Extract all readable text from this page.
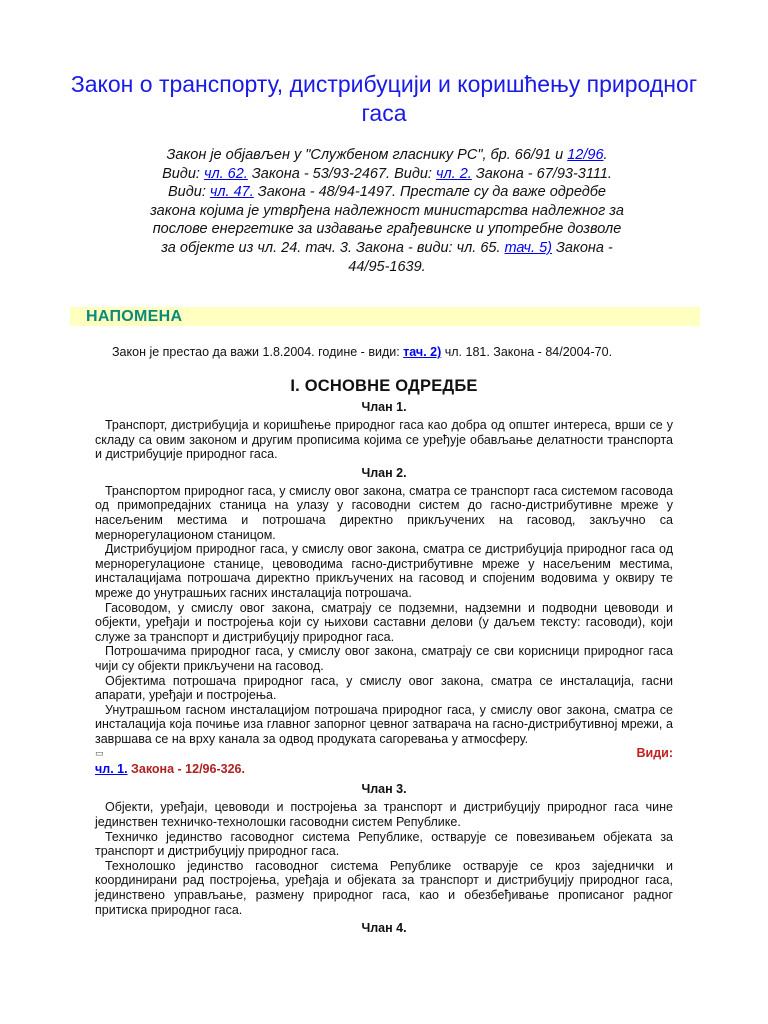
Закон о транспорту, дистрибуцији и коришћењу природног гаса
Закон је објављен у "Службеном гласнику РС", бр. 66/91 и 12/96. Види: чл. 62. Закона - 53/93-2467. Види: чл. 2. Закона - 67/93-3111. Види: чл. 47. Закона - 48/94-1497. Престале су да важе одредбе закона којима је утврђена надлежност министарства надлежног за послове енергетике за издавање грађевинске и употребне дозволе за објекте из чл. 24. тач. 3. Закона - види: чл. 65. тач. 5) Закона - 44/95-1639.
НАПОМЕНА
Закон је престао да важи 1.8.2004. године - види: тач. 2) чл. 181. Закона - 84/2004-70.
I. ОСНОВНЕ ОДРЕДБЕ
Члан 1.

Транспорт, дистрибуција и коришћење природног гаса као добра од општег интереса, врши се у складу са овим законом и другим прописима којима се уређује обављање делатности транспорта и дистрибуције природног гаса.

Члан 2.

Транспортом природног гаса, у смислу овог закона, сматра се транспорт гаса системом гасовода од примопредајних станица на улазу у гасоводни систем до гасно-дистрибутивне мреже у насељеним местима и потрошача директно прикључених на гасовод, закључно са мернорегулационом станицом.

Дистрибуцијом природног гаса, у смислу овог закона, сматра се дистрибуција природног гаса од мернорегулационе станице, цевоводима гасно-дистрибутивне мреже у насељеним местима, инсталацијама потрошача директно прикључених на гасовод и спојеним водовима у оквиру те мреже до унутрашњих гасних инсталација потрошача.

Гасоводом, у смислу овог закона, сматрају се подземни, надземни и подводни цевоводи и објекти, уређаји и постројења који су њихови саставни делови (у даљем тексту: гасоводи), који служе за транспорт и дистрибуцију природног гаса.

Потрошачима природног гаса, у смислу овог закона, сматрају се сви корисници природног гаса чији су објекти прикључени на гасовод.

Објектима потрошача природног гаса, у смислу овог закона, сматра се инсталација, гасни апарати, уређаји и постројења.

Унутрашњом гасном инсталацијом потрошача природног гаса, у смислу овог закона, сматра се инсталација која почиње иза главног запорног цевног затварача на гасно-дистрибутивној мрежи, а завршава се на врху канала за одвод продуката сагоревања у атмосферу.

▭	Види:
чл. 1. Закона - 12/96-326.
Члан 3.

Објекти, уређаји, цевоводи и постројења за транспорт и дистрибуцију природног гаса чине јединствен техничко-технолошки гасоводни систем Републике.

Техничко јединство гасоводног система Републике, остварује се повезивањем објеката за транспорт и дистрибуцију природног гаса.

Технолошко јединство гасоводног система Републике остварује се кроз заједнички и координирани рад постројења, уређаја и објеката за транспорт и дистрибуцију природног гаса, јединствено управљање, размену природног гаса, као и обезбеђивање прописаног радног притиска природног гаса.

Члан 4.
